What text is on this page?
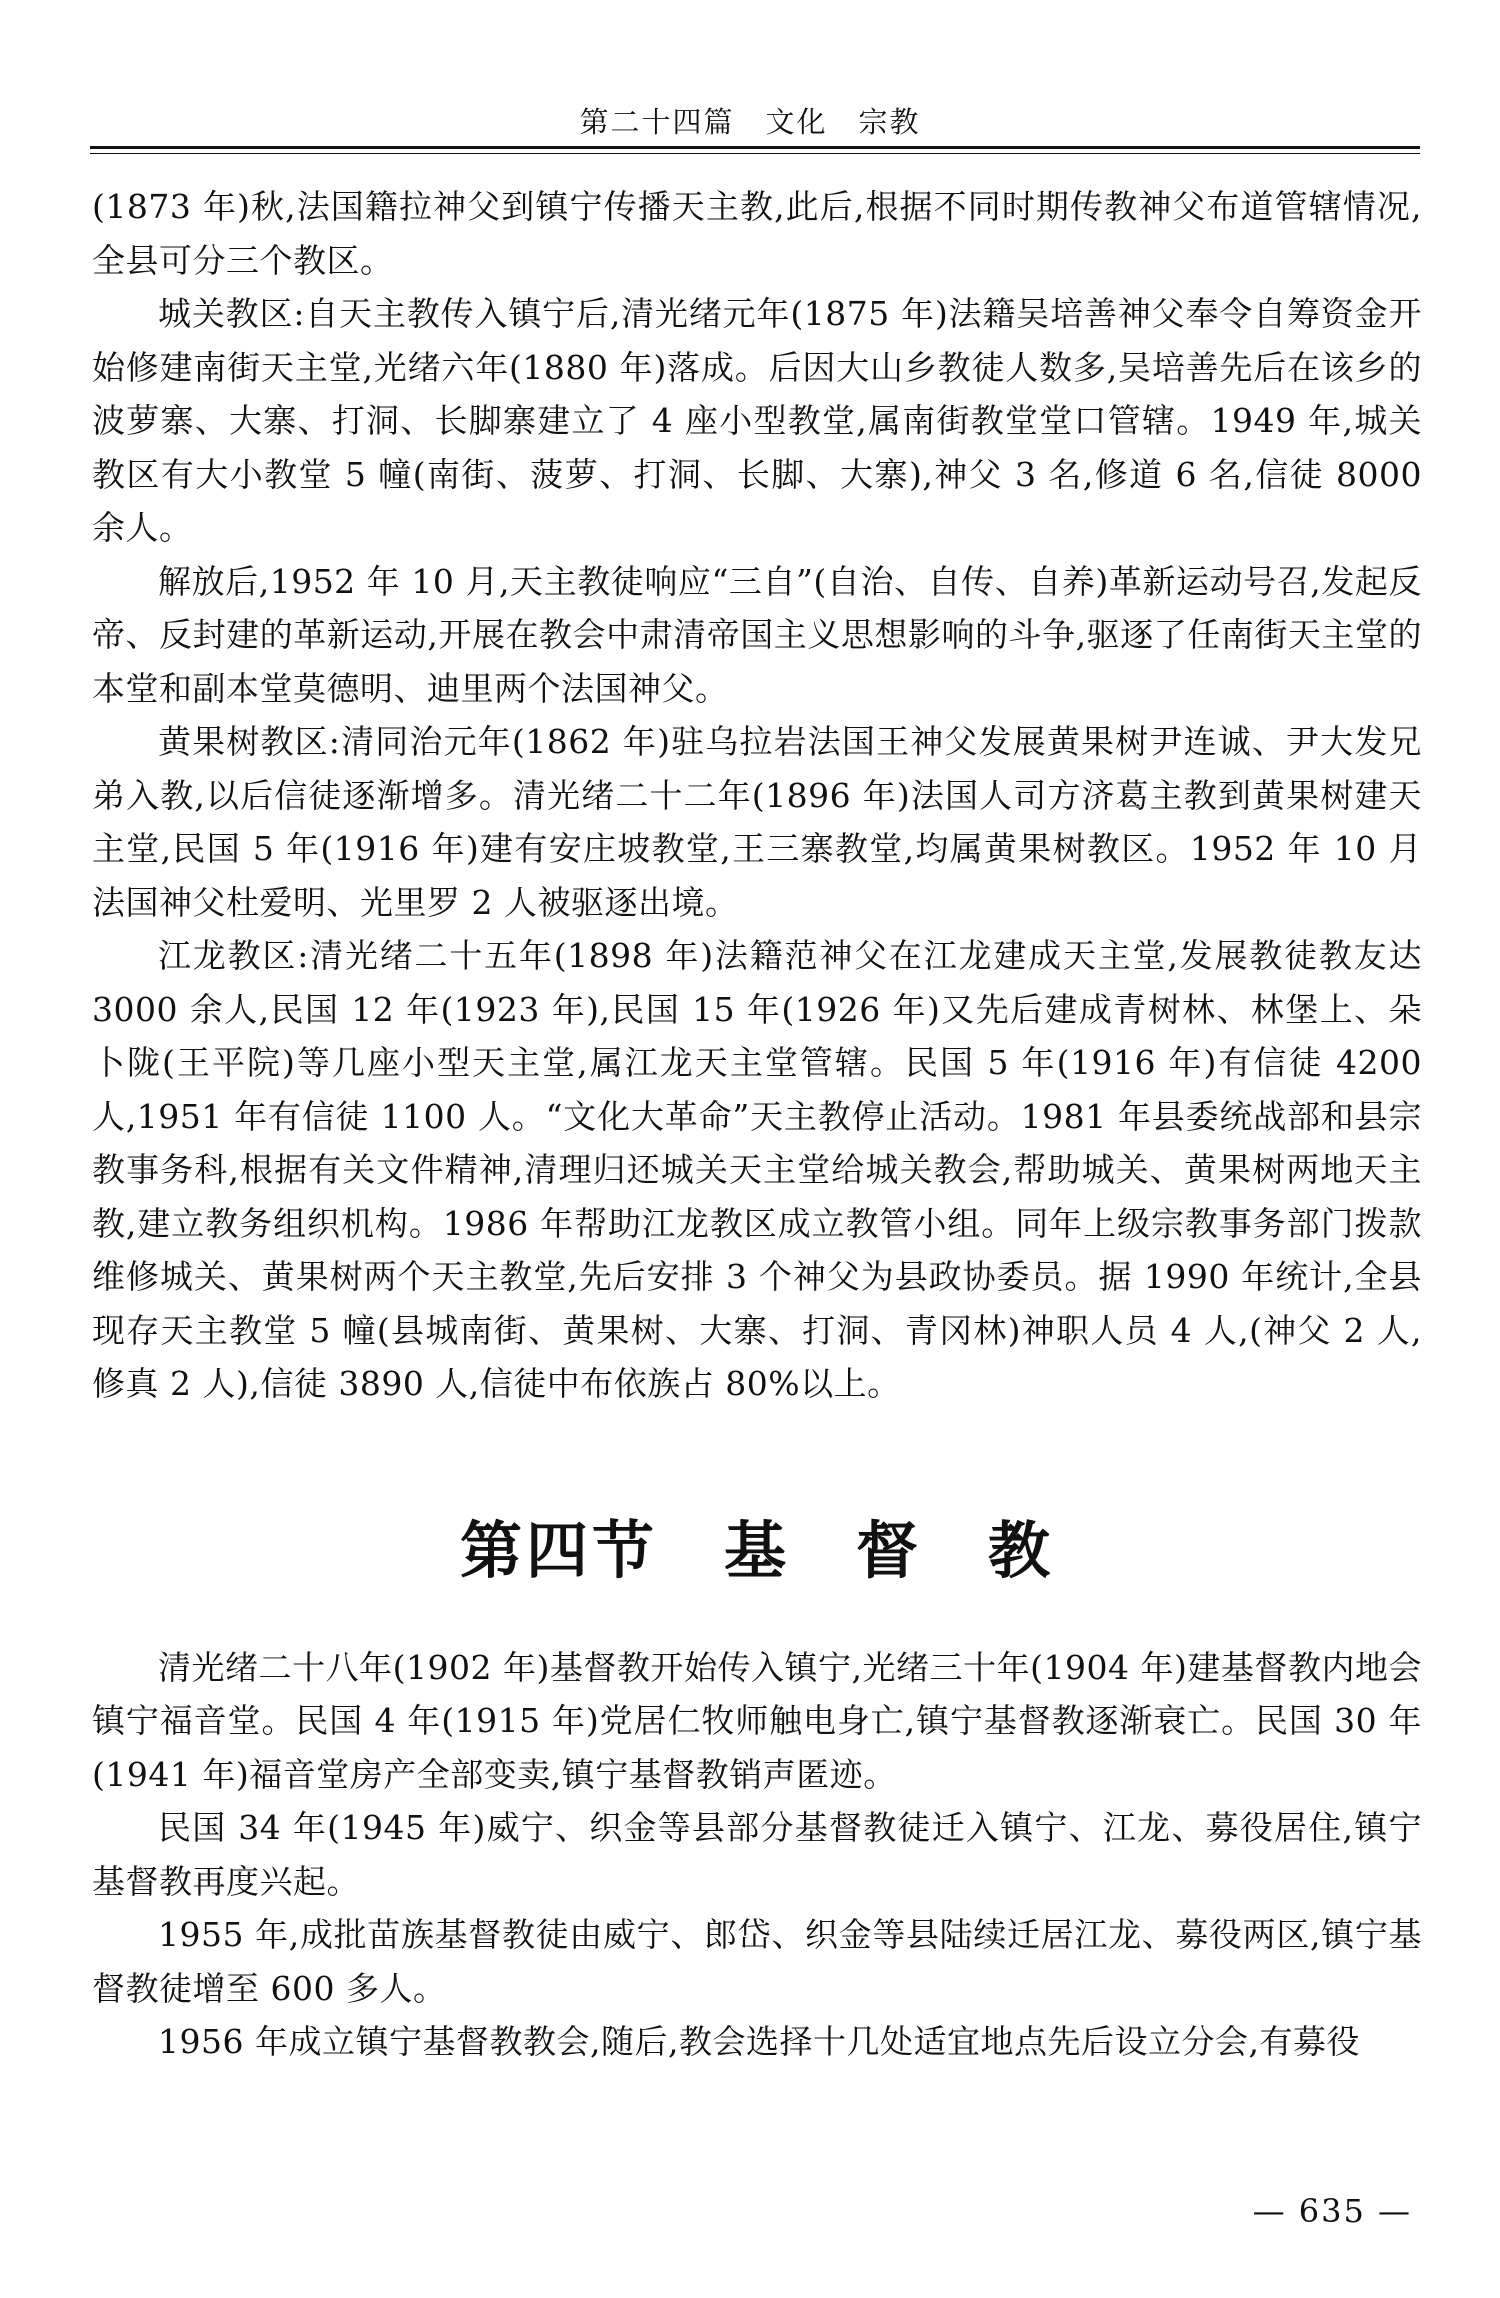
第二十四篇　文化　宗教

(1873 年)秋,法国籍拉神父到镇宁传播天主教,此后,根据不同时期传教神父布道管辖情况,全县可分三个教区。

城关教区:自天主教传入镇宁后,清光绪元年(1875 年)法籍吴培善神父奉令自筹资金开始修建南街天主堂,光绪六年(1880 年)落成。后因大山乡教徒人数多,吴培善先后在该乡的波萝寨、大寨、打洞、长脚寨建立了 4 座小型教堂,属南街教堂堂口管辖。1949 年,城关教区有大小教堂 5 幢(南街、菠萝、打洞、长脚、大寨),神父 3 名,修道 6 名,信徒 8000 余人。

解放后,1952 年 10 月,天主教徒响应“三自”(自治、自传、自养)革新运动号召,发起反帝、反封建的革新运动,开展在教会中肃清帝国主义思想影响的斗争,驱逐了任南街天主堂的本堂和副本堂莫德明、迪里两个法国神父。

黄果树教区:清同治元年(1862 年)驻乌拉岩法国王神父发展黄果树尹连诚、尹大发兄弟入教,以后信徒逐渐增多。清光绪二十二年(1896 年)法国人司方济葛主教到黄果树建天主堂,民国 5 年(1916 年)建有安庄坡教堂,王三寨教堂,均属黄果树教区。1952 年 10 月法国神父杜爱明、光里罗 2 人被驱逐出境。

江龙教区:清光绪二十五年(1898 年)法籍范神父在江龙建成天主堂,发展教徒教友达 3000 余人,民国 12 年(1923 年),民国 15 年(1926 年)又先后建成青树林、林堡上、朵卜陇(王平院)等几座小型天主堂,属江龙天主堂管辖。民国 5 年(1916 年)有信徒 4200 人,1951 年有信徒 1100 人。“文化大革命”天主教停止活动。1981 年县委统战部和县宗教事务科,根据有关文件精神,清理归还城关天主堂给城关教会,帮助城关、黄果树两地天主教,建立教务组织机构。1986 年帮助江龙教区成立教管小组。同年上级宗教事务部门拨款维修城关、黄果树两个天主教堂,先后安排 3 个神父为县政协委员。据 1990 年统计,全县现存天主教堂 5 幢(县城南街、黄果树、大寨、打洞、青冈林)神职人员 4 人,(神父 2 人,修真 2 人),信徒 3890 人,信徒中布依族占 80%以上。

第四节　基　督　教

清光绪二十八年(1902 年)基督教开始传入镇宁,光绪三十年(1904 年)建基督教内地会镇宁福音堂。民国 4 年(1915 年)党居仁牧师触电身亡,镇宁基督教逐渐衰亡。民国 30 年(1941 年)福音堂房产全部变卖,镇宁基督教销声匿迹。

民国 34 年(1945 年)威宁、织金等县部分基督教徒迁入镇宁、江龙、募役居住,镇宁基督教再度兴起。

1955 年,成批苗族基督教徒由威宁、郎岱、织金等县陆续迁居江龙、募役两区,镇宁基督教徒增至 600 多人。

1956 年成立镇宁基督教教会,随后,教会选择十几处适宜地点先后设立分会,有募役

— 635 —
